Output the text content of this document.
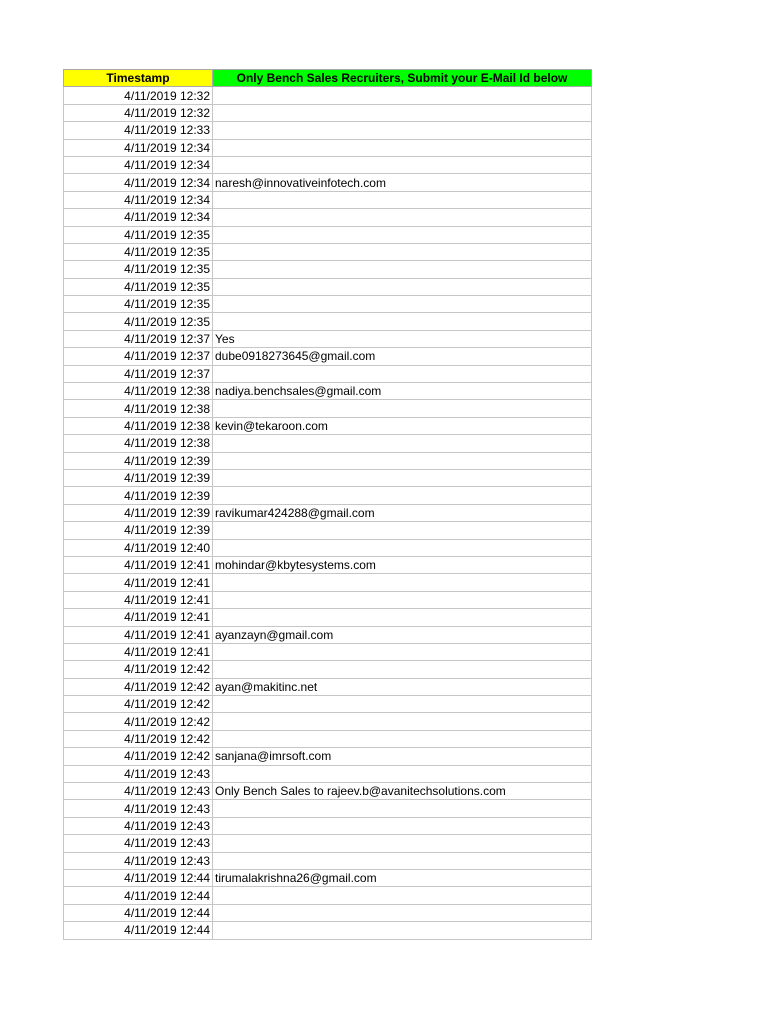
Timestamp	Only Bench Sales Recruiters, Submit your E-Mail Id below
4/11/2019 12:32	
4/11/2019 12:32	
4/11/2019 12:33	
4/11/2019 12:34	
4/11/2019 12:34	
4/11/2019 12:34	naresh@innovativeinfotech.com
4/11/2019 12:34	
4/11/2019 12:34	
4/11/2019 12:35	
4/11/2019 12:35	
4/11/2019 12:35	
4/11/2019 12:35	
4/11/2019 12:35	
4/11/2019 12:35	
4/11/2019 12:37	Yes
4/11/2019 12:37	dube0918273645@gmail.com
4/11/2019 12:37	
4/11/2019 12:38	nadiya.benchsales@gmail.com
4/11/2019 12:38	
4/11/2019 12:38	kevin@tekaroon.com
4/11/2019 12:38	
4/11/2019 12:39	
4/11/2019 12:39	
4/11/2019 12:39	
4/11/2019 12:39	ravikumar424288@gmail.com
4/11/2019 12:39	
4/11/2019 12:40	
4/11/2019 12:41	mohindar@kbytesystems.com
4/11/2019 12:41	
4/11/2019 12:41	
4/11/2019 12:41	
4/11/2019 12:41	ayanzayn@gmail.com
4/11/2019 12:41	
4/11/2019 12:42	
4/11/2019 12:42	ayan@makitinc.net
4/11/2019 12:42	
4/11/2019 12:42	
4/11/2019 12:42	
4/11/2019 12:42	sanjana@imrsoft.com
4/11/2019 12:43	
4/11/2019 12:43	Only Bench Sales to rajeev.b@avanitechsolutions.com
4/11/2019 12:43	
4/11/2019 12:43	
4/11/2019 12:43	
4/11/2019 12:43	
4/11/2019 12:44	tirumalakrishna26@gmail.com
4/11/2019 12:44	
4/11/2019 12:44	
4/11/2019 12:44	
